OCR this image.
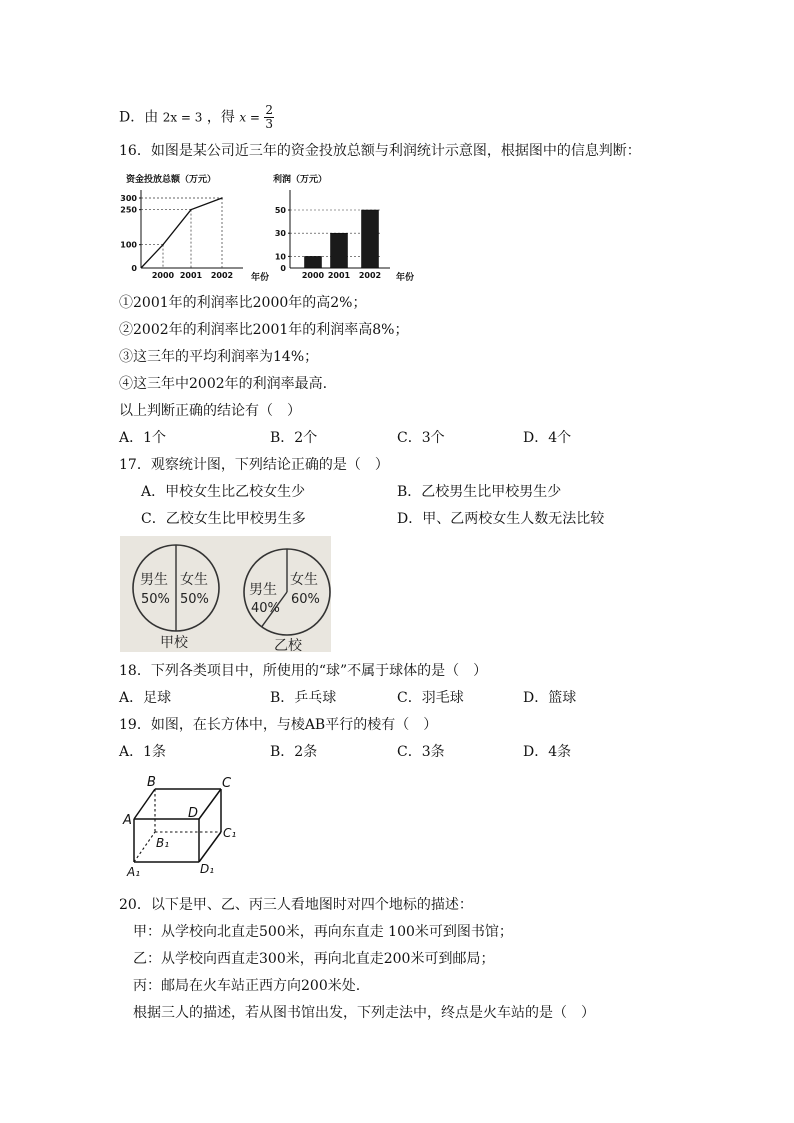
D．由 2x = 3 ，得 $x = \frac{2}{3}$
16．如图是某公司近三年的资金投放总额与利润统计示意图，根据图中的信息判断：
资金投放总额（万元）
0
100
250
300
2000 2001 2002 年份
利润（万元）
0
10
30
50
2000 2001 2002 年份
①2001年的利润率比2000年的高2%；
②2002年的利润率比2001年的利润率高8%；
③这三年的平均利润率为14%；
④这三年中2002年的利润率最高.
以上判断正确的结论有（　）
A．1个	B．2个	C．3个	D．4个
17．观察统计图，下列结论正确的是（　）
A．甲校女生比乙校女生少	B．乙校男生比甲校男生少
C．乙校女生比甲校男生多	D．甲、乙两校女生人数无法比较
男生
50%
女生
50%
甲校
男生
40%
女生
60%
乙校
18．下列各类项目中，所使用的“球”不属于球体的是（　）
A．足球	B．乒乓球	C．羽毛球	D．篮球
19．如图，在长方体中，与棱AB平行的棱有（　）
A．1条	B．2条	C．3条	D．4条
B	C
A	D
C₁
B₁
A₁	D₁
20．以下是甲、乙、丙三人看地图时对四个地标的描述：
甲：从学校向北直走500米，再向东直走 100米可到图书馆；
乙：从学校向西直走300米，再向北直走200米可到邮局；
丙：邮局在火车站正西方向200米处.
根据三人的描述，若从图书馆出发，下列走法中，终点是火车站的是（　）
